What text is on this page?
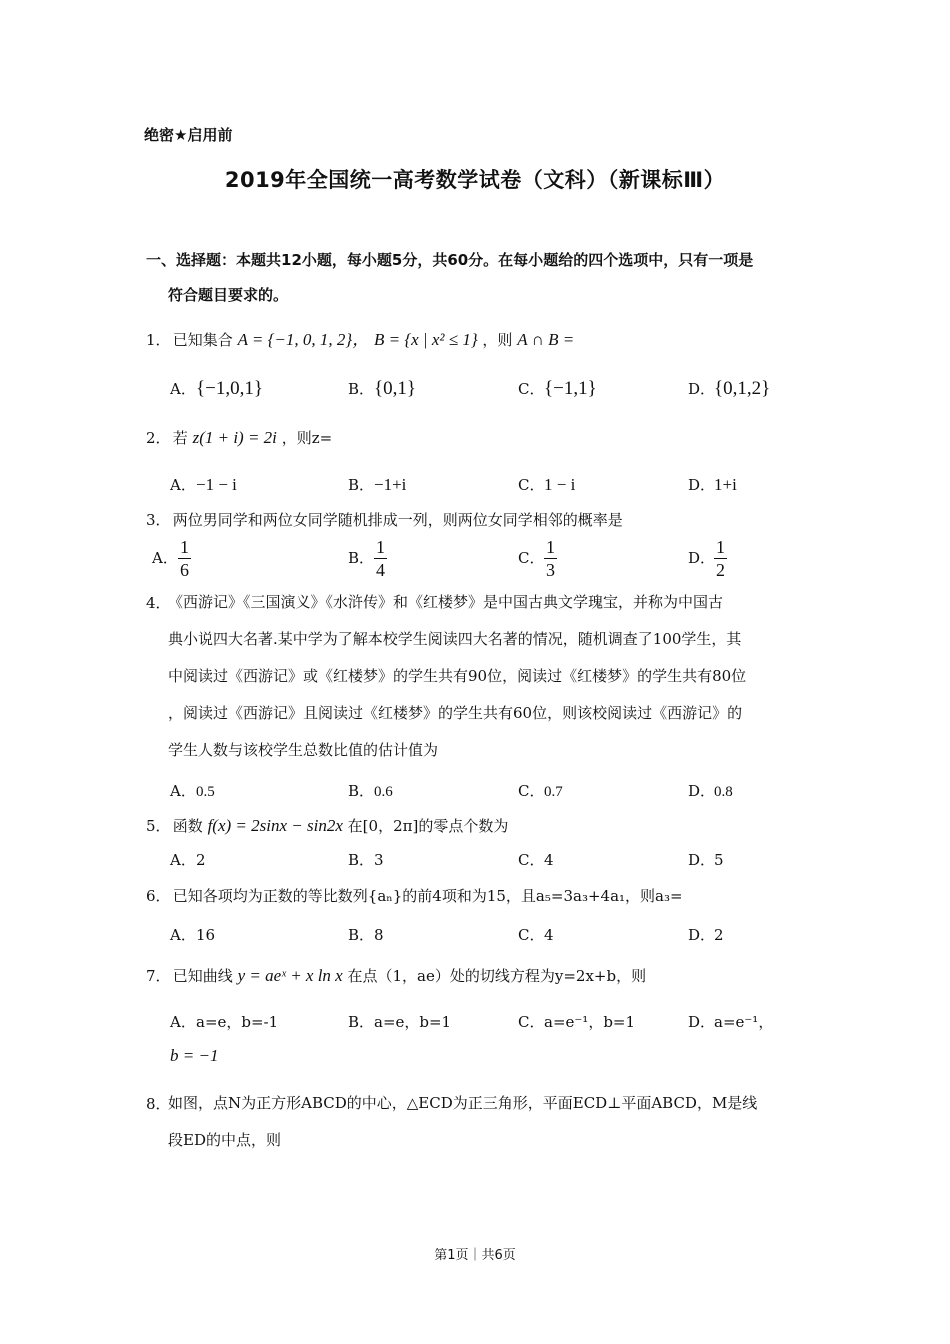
绝密★启用前
2019年全国统一高考数学试卷（文科）（新课标Ⅲ）
一、选择题：本题共12小题，每小题5分，共60分。在每小题给的四个选项中，只有一项是
符合题目要求的。
1． 已知集合 A = {−1, 0, 1, 2}， B = {x | x² ≤ 1} ，则 A ∩ B =
A．{−1,0,1}	B．{0,1}	C．{−1,1}	D．{0,1,2}
2． 若 z(1 + i) = 2i ，则z=
A．−1 − i	B．−1+i	C．1 − i	D．1+i
3． 两位男同学和两位女同学随机排成一列，则两位女同学相邻的概率是
A． $\frac{1}{6}$	B． $\frac{1}{4}$	C． $\frac{1}{3}$	D．
$\frac{1}{2}$
4．
《西游记》《三国演义》《水浒传》和《红楼梦》是中国古典文学瑰宝，并称为中国古
典小说四大名著.某中学为了解本校学生阅读四大名著的情况，随机调查了100学生，其
中阅读过《西游记》或《红楼梦》的学生共有90位，阅读过《红楼梦》的学生共有80位
，阅读过《西游记》且阅读过《红楼梦》的学生共有60位，则该校阅读过《西游记》的
学生人数与该校学生总数比值的估计值为
A．0.5	B．0.6	C．0.7	D．0.8
5． 函数 f(x) = 2sinx − sin2x 在[0，2π]的零点个数为
A．2	B．3	C．4	D．5
6． 已知各项均为正数的等比数列{aₙ}的前4项和为15，且a₅=3a₃+4a₁，则a₃=
A．16	B．8	C．4	D．2
7． 已知曲线 y = aeˣ + x ln x 在点（1，ae）处的切线方程为y=2x+b，则
A．a=e，b=-1	B．a=e，b=1	C．a=e⁻¹，b=1	D．a=e⁻¹，
b = −1
8．
如图，点N为正方形ABCD的中心，△ECD为正三角形，平面ECD⊥平面ABCD，M是线
段ED的中点，则
第1页｜共6页
